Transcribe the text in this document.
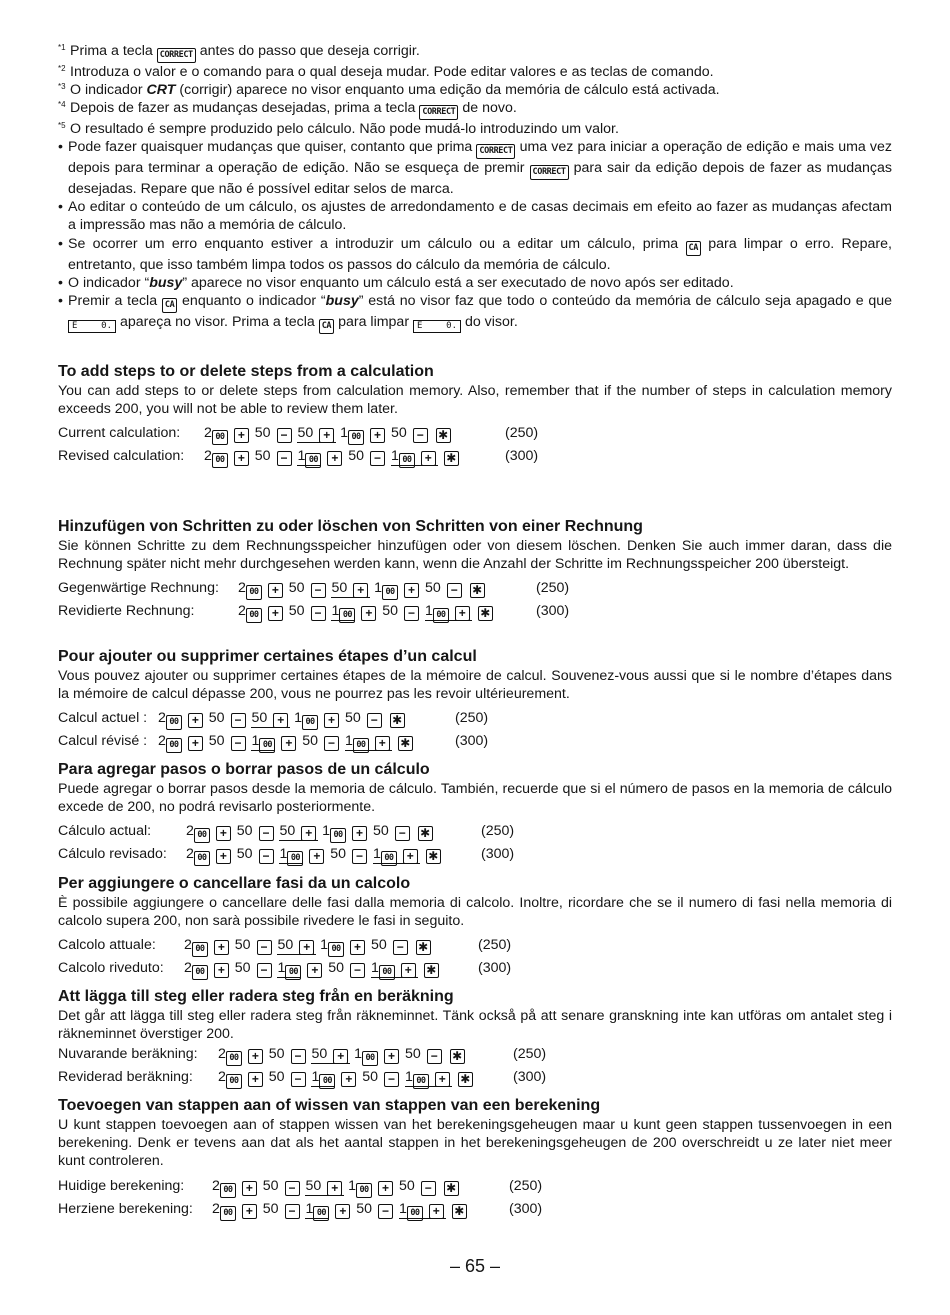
*1 Prima a tecla CORRECT antes do passo que deseja corrigir.
*2 Introduza o valor e o comando para o qual deseja mudar. Pode editar valores e as teclas de comando.
*3 O indicador CRT (corrigir) aparece no visor enquanto uma edição da memória de cálculo está activada.
*4 Depois de fazer as mudanças desejadas, prima a tecla CORRECT de novo.
*5 O resultado é sempre produzido pelo cálculo. Não pode mudá-lo introduzindo um valor.
• Pode fazer quaisquer mudanças que quiser, contanto que prima CORRECT uma vez para iniciar a operação de edição e mais uma vez depois para terminar a operação de edição. Não se esqueça de premir CORRECT para sair da edição depois de fazer as mudanças desejadas. Repare que não é possível editar selos de marca.
• Ao editar o conteúdo de um cálculo, os ajustes de arredondamento e de casas decimais em efeito ao fazer as mudanças afectam a impressão mas não a memória de cálculo.
• Se ocorrer um erro enquanto estiver a introduzir um cálculo ou a editar um cálculo, prima CA para limpar o erro. Repare, entretanto, que isso também limpa todos os passos do cálculo da memória de cálculo.
• O indicador “busy” aparece no visor enquanto um cálculo está a ser executado de novo após ser editado.
• Premir a tecla CA enquanto o indicador “busy” está no visor faz que todo o conteúdo da memória de cálculo seja apagado e que E	0. apareça no visor. Prima a tecla CA para limpar E	0. do visor.
To add steps to or delete steps from a calculation
You can add steps to or delete steps from calculation memory. Also, remember that if the number of steps in calculation memory exceeds 200, you will not be able to review them later.
Current calculation: 2 00 + 50 − 50 + 1 00 + 50 − ✱	(250)
Revised calculation: 2 00 + 50 − 1 00 + 50 − 1 00 + ✱	(300)
Hinzufügen von Schritten zu oder löschen von Schritten von einer Rechnung
Sie können Schritte zu dem Rechnungsspeicher hinzufügen oder von diesem löschen. Denken Sie auch immer daran, dass die Rechnung später nicht mehr durchgesehen werden kann, wenn die Anzahl der Schritte im Rechnungsspeicher 200 übersteigt.
Gegenwärtige Rechnung: 2 00 + 50 − 50 + 1 00 + 50 − ✱	(250)
Revidierte Rechnung:	2 00 + 50 − 1 00 + 50 − 1 00 + ✱	(300)
Pour ajouter ou supprimer certaines étapes d’un calcul
Vous pouvez ajouter ou supprimer certaines étapes de la mémoire de calcul. Souvenez-vous aussi que si le nombre d’étapes dans la mémoire de calcul dépasse 200, vous ne pourrez pas les revoir ultérieurement.
Calcul actuel : 2 00 + 50 − 50 + 1 00 + 50 − ✱	(250)
Calcul révisé : 2 00 + 50 − 1 00 + 50 − 1 00 + ✱	(300)
Para agregar pasos o borrar pasos de un cálculo
Puede agregar o borrar pasos desde la memoria de cálculo. También, recuerde que si el número de pasos en la memoria de cálculo excede de 200, no podrá revisarlo posteriormente.
Cálculo actual: 2 00 + 50 − 50 + 1 00 + 50 − ✱	(250)
Cálculo revisado: 2 00 + 50 − 1 00 + 50 − 1 00 + ✱	(300)
Per aggiungere o cancellare fasi da un calcolo
È possibile aggiungere o cancellare delle fasi dalla memoria di calcolo. Inoltre, ricordare che se il numero di fasi nella memoria di calcolo supera 200, non sarà possibile rivedere le fasi in seguito.
Calcolo attuale: 2 00 + 50 − 50 + 1 00 + 50 − ✱	(250)
Calcolo riveduto: 2 00 + 50 − 1 00 + 50 − 1 00 + ✱	(300)
Att lägga till steg eller radera steg från en beräkning
Det går att lägga till steg eller radera steg från räkneminnet. Tänk också på att senare granskning inte kan utföras om antalet steg i räkneminnet överstiger 200.
Nuvarande beräkning: 2 00 + 50 − 50 + 1 00 + 50 − ✱	(250)
Reviderad beräkning: 2 00 + 50 − 1 00 + 50 − 1 00 + ✱	(300)
Toevoegen van stappen aan of wissen van stappen van een berekening
U kunt stappen toevoegen aan of stappen wissen van het berekeningsgeheugen maar u kunt geen stappen tussenvoegen in een berekening. Denk er tevens aan dat als het aantal stappen in het berekeningsgeheugen de 200 overschreidt u ze later niet meer kunt controleren.
Huidige berekening: 2 00 + 50 − 50 + 1 00 + 50 − ✱	(250)
Herziene berekening: 2 00 + 50 − 1 00 + 50 − 1 00 + ✱	(300)
– 65 –
